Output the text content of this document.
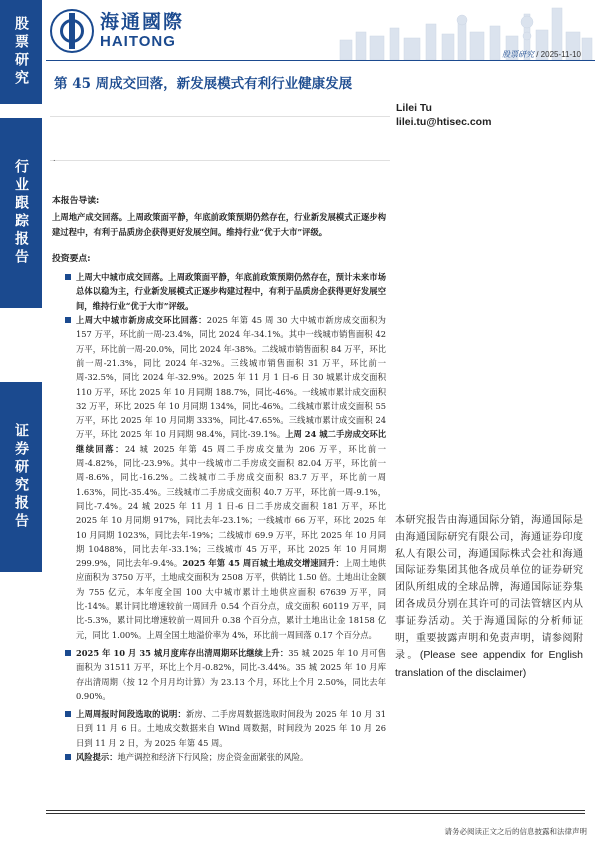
股票研究
行业跟踪报告
证券研究报告
海通國際
HAITONG
股票研究 / 2025-11-10
第 45 周成交回落，新发展模式有利行业健康发展
Lilei Tu
lilei.tu@htisec.com
.

本报告导读:

上周地产成交回落。上周政策面平静，年底前政策预期仍然存在，行业新发展模式正逐步构建过程中，有利于品质房企获得更好发展空间。维持行业“优于大市”评级。

投资要点:

上周大中城市成交回落。上周政策面平静，年底前政策预期仍然存在，预计未来市场总体以稳为主，行业新发展模式正逐步构建过程中，有利于品质房企获得更好发展空间，维持行业“优于大市”评级。

上周大中城市新房成交环比回落：2025 年第 45 周 30 大中城市新房成交面积为 157 万平，环比前一周-23.4%，同比 2024 年-34.1%。其中一线城市销售面积 42 万平，环比前一周-20.0%，同比 2024 年-38%。二线城市销售面积 84 万平，环比前一周-21.3%，同比 2024 年-32%。三线城市销售面积 31 万平，环比前一周-32.5%，同比 2024 年-32.9%。2025 年 11 月 1 日-6 日 30 城累计成交面积 110 万平，环比 2025 年 10 月同期 188.7%，同比-46%。一线城市累计成交面积 32 万平，环比 2025 年 10 月同期 134%，同比-46%。二线城市累计成交面积 55 万平，环比 2025 年 10 月同期 333%，同比-47.65%。三线城市累计成交面积 24 万平，环比 2025 年 10 月同期 98.4%，同比-39.1%。上周 24 城二手房成交环比继续回落：24 城 2025 年第 45 周二手房成交量为 206 万平，环比前一周-4.82%，同比-23.9%。其中一线城市二手房成交面积 82.04 万平，环比前一周-8.6%，同比-16.2%。二线城市二手房成交面积 83.7 万平，环比前一周 1.63%，同比-35.4%。三线城市二手房成交面积 40.7 万平，环比前一周-9.1%，同比-7.4%。24 城 2025 年 11 月 1 日-6 日二手房成交面积 181 万平，环比 2025 年 10 月同期 917%，同比去年-23.1%；一线城市 66 万平，环比 2025 年 10 月同期 1023%，同比去年-19%；二线城市 69.9 万平，环比 2025 年 10 月同期 10488%，同比去年-33.1%；三线城市 45 万平，环比 2025 年 10 月同期 299.9%，同比去年-9.4%。2025 年第 45 周百城土地成交增速回升：上周土地供应面积为 3750 万平，土地成交面积为 2508 万平，供销比 1.50 倍。土地出让金额为 755 亿元，本年度全国 100 大中城市累计土地供应面积 67639 万平，同比-14%。累计同比增速较前一周回升 0.54 个百分点，成交面积 60119 万平，同比-5.3%，累计同比增速较前一周回升 0.38 个百分点，累计土地出让金 18158 亿元，同比 1.00%。上周全国土地溢价率为 4%，环比前一周回落 0.17 个百分点。

2025 年 10 月 35 城月度库存出清周期环比继续上升：35 城 2025 年 10 月可售面积为 31511 万平，环比上个月-0.82%，同比-3.44%。35 城 2025 年 10 月库存出清周期（按 12 个月月均计算）为 23.13 个月，环比上个月 2.50%，同比去年 0.90%。

上周周报时间段选取的说明：新房、二手房周数据选取时间段为 2025 年 10 月 31 日到 11 月 6 日。土地成交数据来自 Wind 周数据，时间段为 2025 年 10 月 26 日到 11 月 2 日，为 2025 年第 45 周。

风险提示：地产调控和经济下行风险；房企资金面紧张的风险。

本研究报告由海通国际分销，海通国际是由海通国际研究有限公司，海通证券印度私人有限公司，海通国际株式会社和海通国际证券集团其他各成员单位的证券研究团队所组成的全球品牌，海通国际证券集团各成员分别在其许可的司法管辖区内从事证券活动。关于海通国际的分析师证明，重要披露声明和免责声明，请参阅附录。(Please see appendix for English translation of the disclaimer)
请务必阅读正文之后的信息披露和法律声明
